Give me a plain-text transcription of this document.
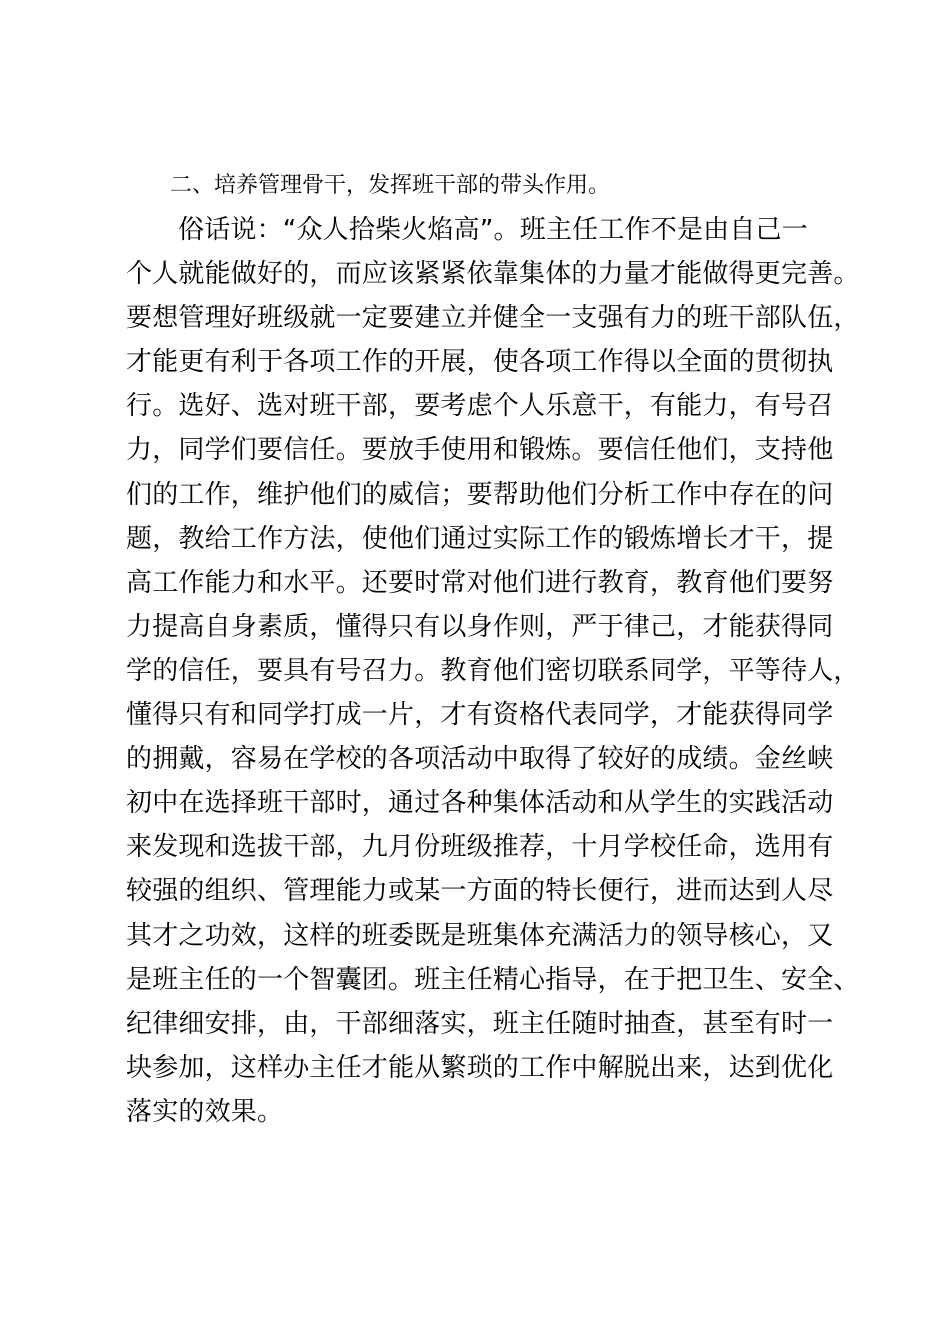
二、培养管理骨干，发挥班干部的带头作用。

俗话说：“众人拾柴火焰高”。班主任工作不是由自己一

个人就能做好的，而应该紧紧依靠集体的力量才能做得更完善。

要想管理好班级就一定要建立并健全一支强有力的班干部队伍，

才能更有利于各项工作的开展，使各项工作得以全面的贯彻执

行。选好、选对班干部，要考虑个人乐意干，有能力，有号召

力，同学们要信任。要放手使用和锻炼。要信任他们，支持他

们的工作，维护他们的威信；要帮助他们分析工作中存在的问

题，教给工作方法，使他们通过实际工作的锻炼增长才干，提

高工作能力和水平。还要时常对他们进行教育，教育他们要努

力提高自身素质，懂得只有以身作则，严于律己，才能获得同

学的信任，要具有号召力。教育他们密切联系同学，平等待人，

懂得只有和同学打成一片，才有资格代表同学，才能获得同学

的拥戴，容易在学校的各项活动中取得了较好的成绩。金丝峡

初中在选择班干部时，通过各种集体活动和从学生的实践活动

来发现和选拔干部，九月份班级推荐，十月学校任命，选用有

较强的组织、管理能力或某一方面的特长便行，进而达到人尽

其才之功效，这样的班委既是班集体充满活力的领导核心，又

是班主任的一个智囊团。班主任精心指导，在于把卫生、安全、

纪律细安排，由，干部细落实，班主任随时抽查，甚至有时一

块参加，这样办主任才能从繁琐的工作中解脱出来，达到优化

落实的效果。
